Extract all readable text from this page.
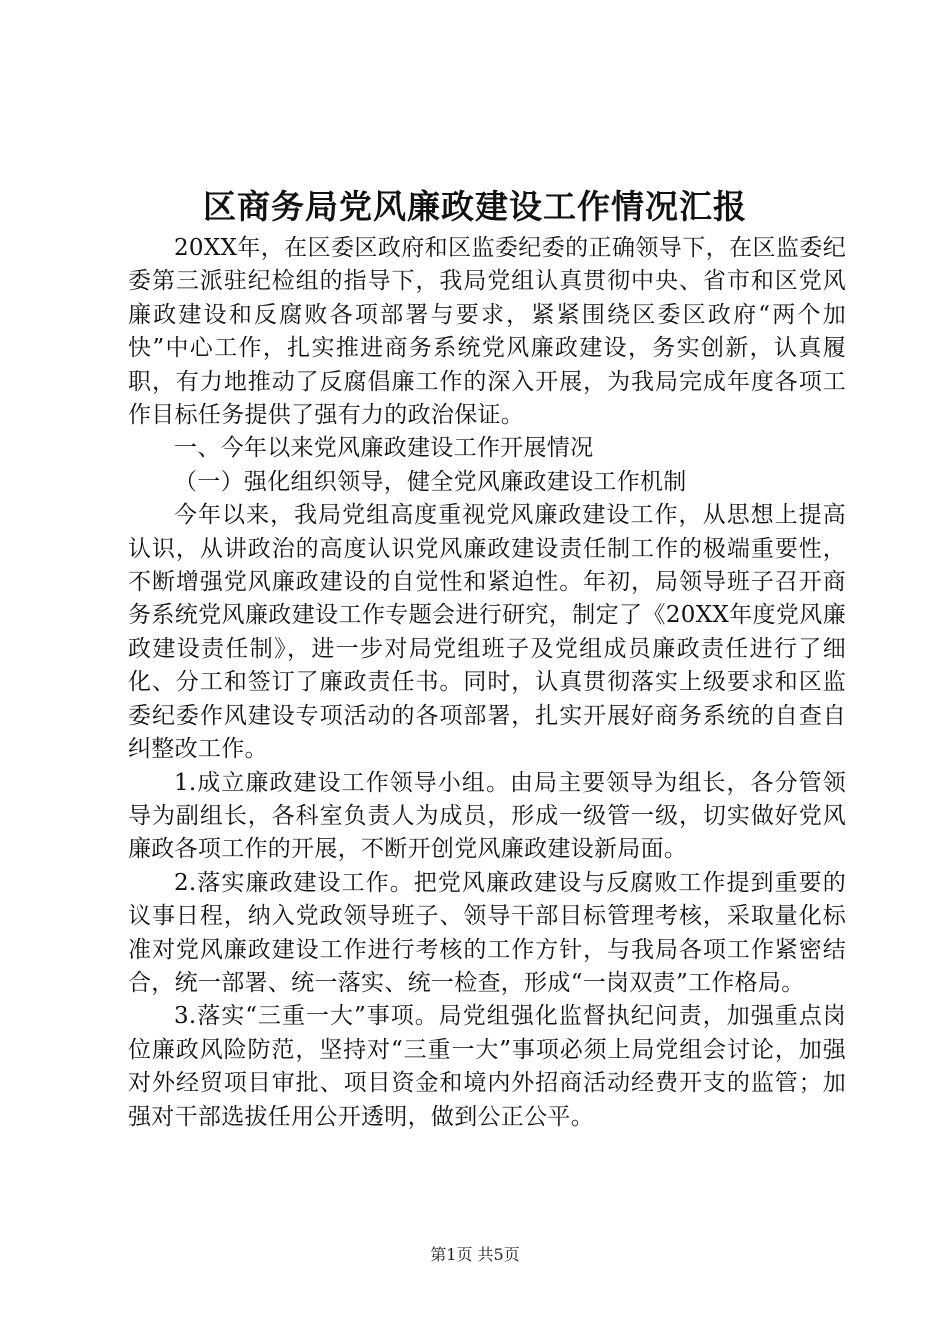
区商务局党风廉政建设工作情况汇报

20XX年，在区委区政府和区监委纪委的正确领导下，在区监委纪委第三派驻纪检组的指导下，我局党组认真贯彻中央、省市和区党风廉政建设和反腐败各项部署与要求，紧紧围绕区委区政府“两个加快”中心工作，扎实推进商务系统党风廉政建设，务实创新，认真履职，有力地推动了反腐倡廉工作的深入开展，为我局完成年度各项工作目标任务提供了强有力的政治保证。

一、今年以来党风廉政建设工作开展情况

（一）强化组织领导，健全党风廉政建设工作机制

今年以来，我局党组高度重视党风廉政建设工作，从思想上提高认识，从讲政治的高度认识党风廉政建设责任制工作的极端重要性，不断增强党风廉政建设的自觉性和紧迫性。年初，局领导班子召开商务系统党风廉政建设工作专题会进行研究，制定了《20XX年度党风廉政建设责任制》，进一步对局党组班子及党组成员廉政责任进行了细化、分工和签订了廉政责任书。同时，认真贯彻落实上级要求和区监委纪委作风建设专项活动的各项部署，扎实开展好商务系统的自查自纠整改工作。

1.成立廉政建设工作领导小组。由局主要领导为组长，各分管领导为副组长，各科室负责人为成员，形成一级管一级，切实做好党风廉政各项工作的开展，不断开创党风廉政建设新局面。

2.落实廉政建设工作。把党风廉政建设与反腐败工作提到重要的议事日程，纳入党政领导班子、领导干部目标管理考核，采取量化标准对党风廉政建设工作进行考核的工作方针，与我局各项工作紧密结合，统一部署、统一落实、统一检查，形成“一岗双责”工作格局。

3.落实“三重一大”事项。局党组强化监督执纪问责，加强重点岗位廉政风险防范，坚持对“三重一大”事项必须上局党组会讨论，加强对外经贸项目审批、项目资金和境内外招商活动经费开支的监管；加强对干部选拔任用公开透明，做到公正公平。

第1页 共5页
